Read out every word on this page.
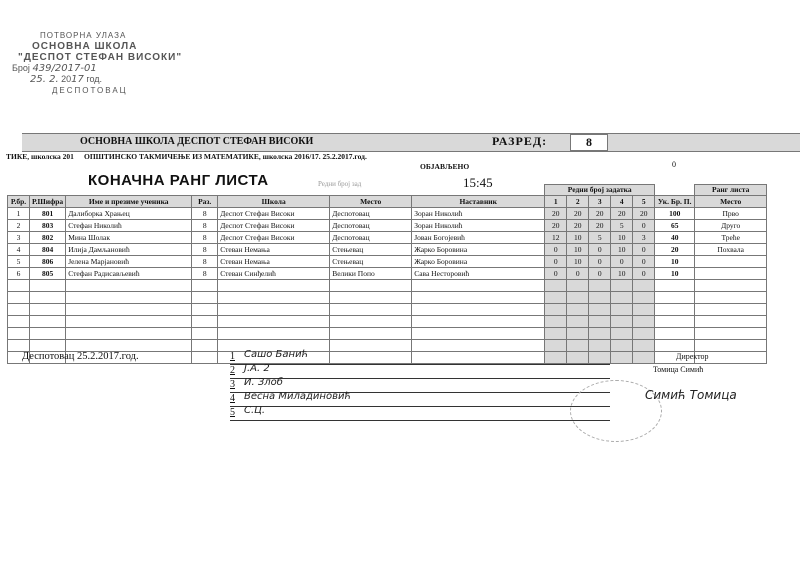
ПОТВОРНА УЛАЗА
ОСНОВНА ШКОЛА
"ДЕСПОТ СТЕФАН ВИСОКИ"
Број 439/2017-01
25. 2. 2017 год.
ДЕСПОТОВАЦ
ОСНОВНА ШКОЛА ДЕСПОТ СТЕФАН ВИСОКИ	РАЗРЕД:	8
ТИКЕ, школска 201 ОПШТИНСКО ТАКМИЧЕЊЕ ИЗ МАТЕМАТИКЕ, школска 2016/17. 25.2.2017.год.
ОБЈАВЉЕНО	0
КОНАЧНА РАНГ ЛИСТА	Редни број зад	15:45
							Редни број задатка						Ранг листа
Р.бр.	Р.Шифра	Име и презиме ученика	Раз.	Школа	Место	Наставник	1	2	3	4	5	Ук. Бр. П.	Место
1	801	Далиборка Храњец	8	Деспот Стефан Високи	Деспотовац	Зоран Николић	20	20	20	20	20	100	Прво
2	803	Стефан Николић	8	Деспот Стефан Високи	Деспотовац	Зоран Николић	20	20	20	5	0	65	Друго
3	802	Мина Шолак	8	Деспот Стефан Високи	Деспотовац	Јован Богојевић	12	10	5	10	3	40	Треће
4	804	Илија Дамљановић	8	Стеван Немања	Стењевац	Жарко Боровина	0	10	0	10	0	20	Похвала
5	806	Јелена Марјановић	8	Стеван Немања	Стењевац	Жарко Боровина	0	10	0	0	0	10	
6	805	Стефан Радисављевић	8	Стеван Синђелић	Велики Попо	Сава Несторовић	0	0	0	10	0	10	

Деспотовац 25.2.2017.год.	1 Сашо Банић
2 Ј.А. 2
3 И. Злоб
4 Весна Миладиновић
5 С.Ц.
Директор
Томица Симић
Симић Томица
